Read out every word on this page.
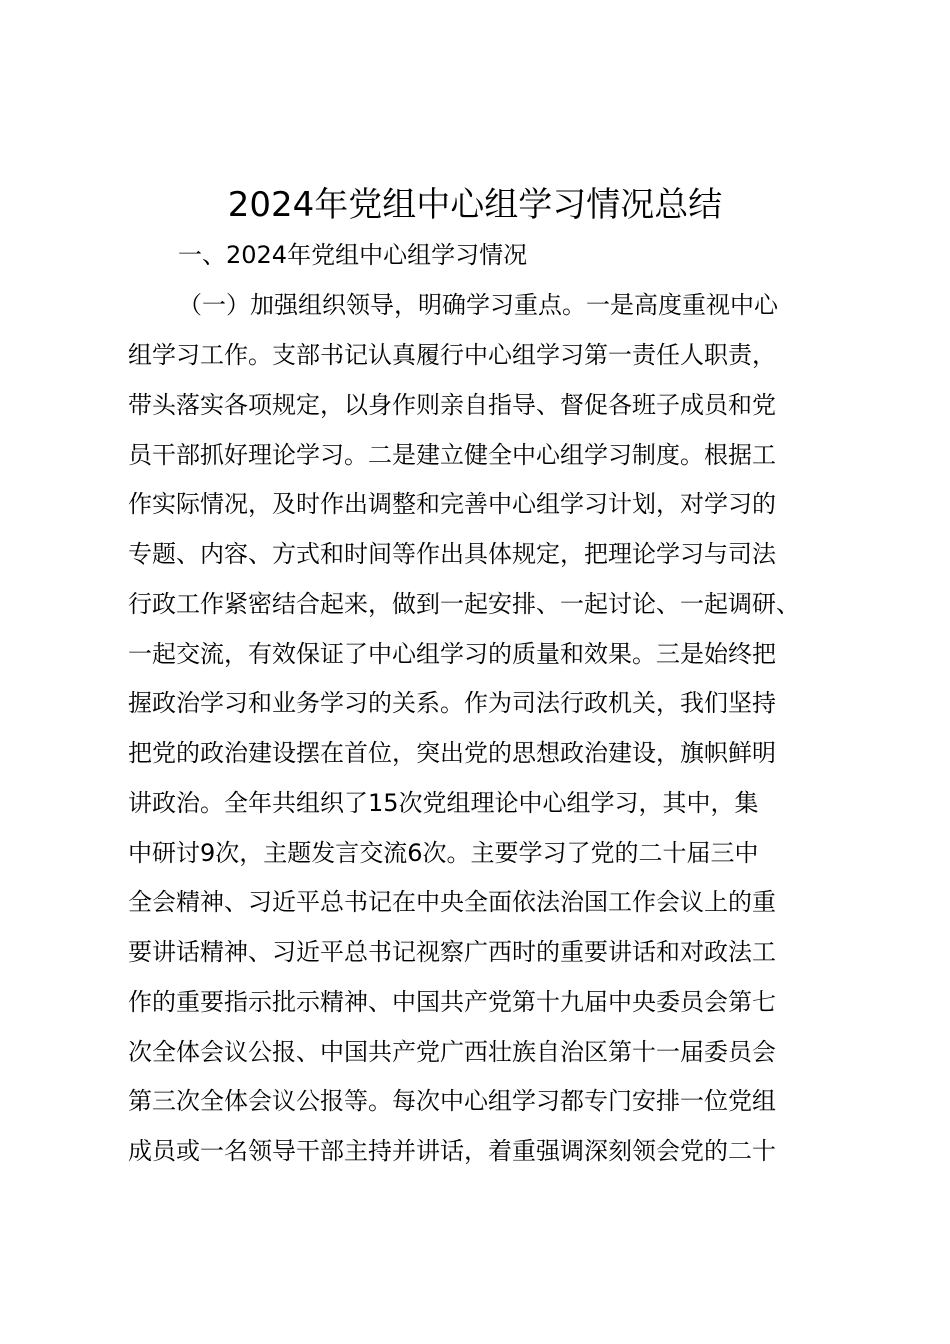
2024年党组中心组学习情况总结
一、2024年党组中心组学习情况
（一）加强组织领导，明确学习重点。一是高度重视中心
组学习工作。支部书记认真履行中心组学习第一责任人职责，
带头落实各项规定，以身作则亲自指导、督促各班子成员和党
员干部抓好理论学习。二是建立健全中心组学习制度。根据工
作实际情况，及时作出调整和完善中心组学习计划，对学习的
专题、内容、方式和时间等作出具体规定，把理论学习与司法
行政工作紧密结合起来，做到一起安排、一起讨论、一起调研、
一起交流，有效保证了中心组学习的质量和效果。三是始终把
握政治学习和业务学习的关系。作为司法行政机关，我们坚持
把党的政治建设摆在首位，突出党的思想政治建设，旗帜鲜明
讲政治。全年共组织了15次党组理论中心组学习，其中，集
中研讨9次，主题发言交流6次。主要学习了党的二十届三中
全会精神、习近平总书记在中央全面依法治国工作会议上的重
要讲话精神、习近平总书记视察广西时的重要讲话和对政法工
作的重要指示批示精神、中国共产党第十九届中央委员会第七
次全体会议公报、中国共产党广西壮族自治区第十一届委员会
第三次全体会议公报等。每次中心组学习都专门安排一位党组
成员或一名领导干部主持并讲话，着重强调深刻领会党的二十
